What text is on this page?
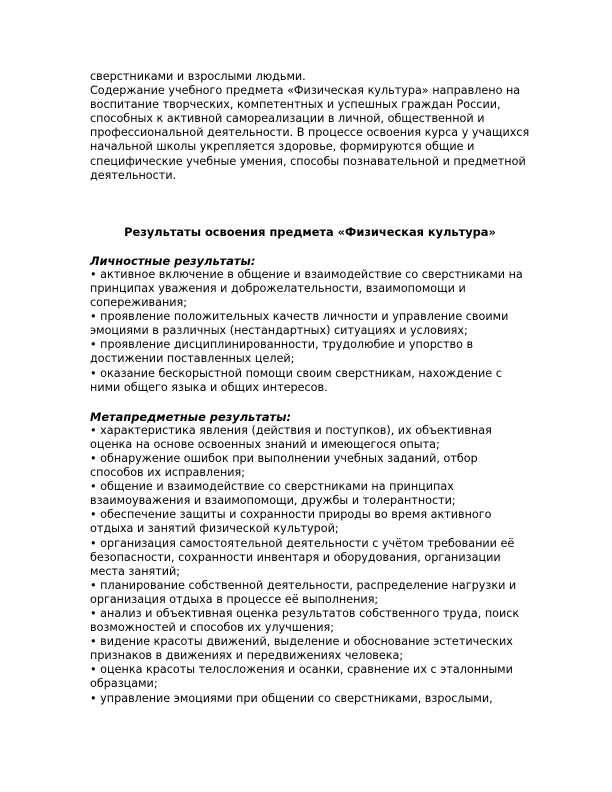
сверстниками и взрослыми людьми.

Содержание учебного предмета «Физическая культура» направлено на воспитание творческих, компетентных и успешных граждан России, способных к активной самореализации в личной, общественной и профессиональной деятельности. В процессе освоения курса у учащихся начальной школы укрепляется здоровье, формируются общие и специфические учебные умения, способы познавательной и предметной деятельности.

Результаты освоения предмета «Физическая культура»

Личностные результаты:

• активное включение в общение и взаимодействие со сверстниками на принципах уважения и доброжелательности, взаимопомощи и сопереживания;
• проявление положительных качеств личности и управление своими эмоциями в различных (нестандартных) ситуациях и условиях;
• проявление дисциплинированности, трудолюбие и упорство в достижении поставленных целей;
• оказание бескорыстной помощи своим сверстникам, нахождение с ними общего языка и общих интересов.

Метапредметные результаты:

• характеристика явления (действия и поступков), их объективная оценка на основе освоенных знаний и имеющегося опыта;
• обнаружение ошибок при выполнении учебных заданий, отбор способов их исправления;
• общение и взаимодействие со сверстниками на принципах взаимоуважения и взаимопомощи, дружбы и толерантности;
• обеспечение защиты и сохранности природы во время активного отдыха и занятий физической культурой;
• организация самостоятельной деятельности с учётом требовании её безопасности, сохранности инвентаря и оборудования, организации места занятий;
• планирование собственной деятельности, распределение нагрузки и организация отдыха в процессе её выполнения;
• анализ и объективная оценка результатов собственного труда, поиск возможностей и способов их улучшения;
• видение красоты движений, выделение и обоснование эстетических признаков в движениях и передвижениях человека;
• оценка красоты телосложения и осанки, сравнение их с эталонными образцами;
• управление эмоциями при общении со сверстниками, взрослыми,
